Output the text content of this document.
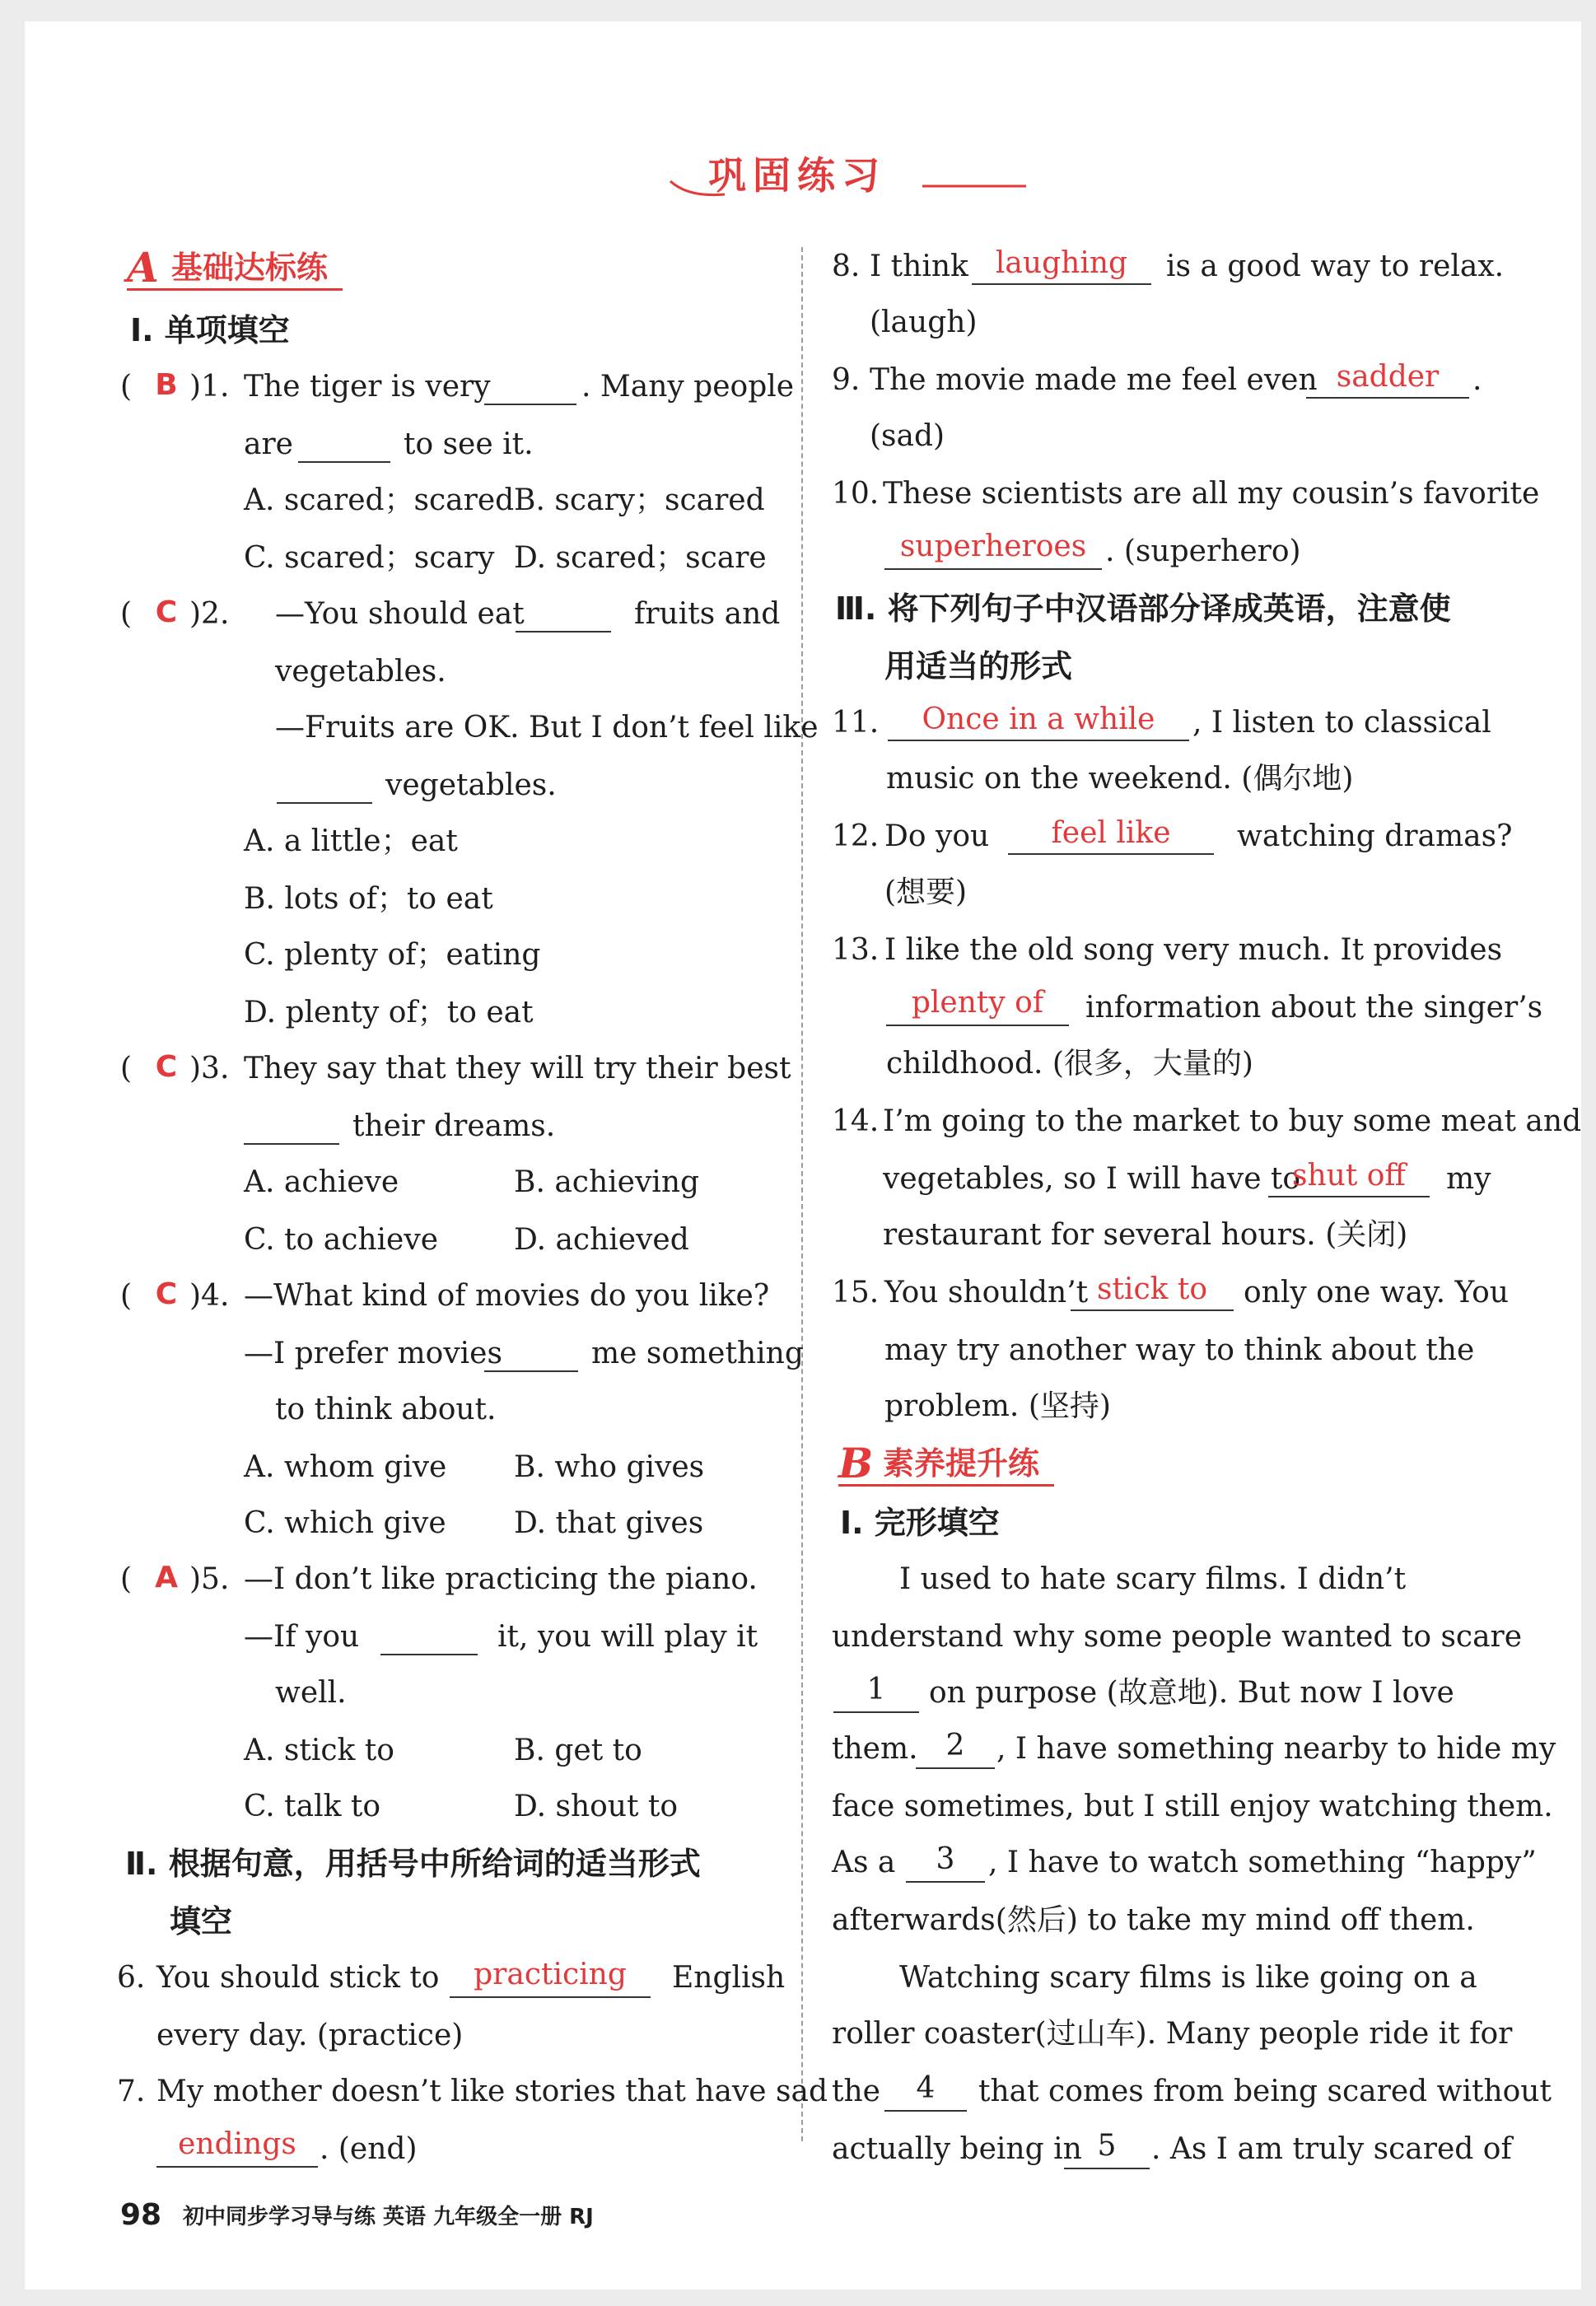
巩固练习
A 基础达标练
Ⅰ. 单项填空
( B )1. The tiger is very	. Many people
are	to see it.
A. scared；scared B. scary；scared
C. scared；scary D. scared；scare
( C )2. —You should eat	fruits and
vegetables.
—Fruits are OK. But I don’t feel like
vegetables.
A. a little；eat
B. lots of；to eat
C. plenty of；eating
D. plenty of；to eat
( C )3. They say that they will try their best
their dreams.
A. achieve	B. achieving
C. to achieve	D. achieved
( C )4. —What kind of movies do you like?
—I prefer movies	me something
to think about.
A. whom give B. who gives
C. which give D. that gives
( A )5. —I don’t like practicing the piano.
—If you	it, you will play it
well.
A. stick to	B. get to
C. talk to	D. shout to
Ⅱ. 根据句意，用括号中所给词的适当形式
填空
6. You should stick to	practicing	English
every day. (practice)
7. My mother doesn’t like stories that have sad
endings . (end)
8. I think laughing	is a good way to relax.
(laugh)
9. The movie made me feel even sadder	.
(sad)
10. These scientists are all my cousin’s favorite
superheroes . (superhero)
Ⅲ. 将下列句子中汉语部分译成英语，注意使
用适当的形式
11.	Once in a while	, I listen to classical
music on the weekend. (偶尔地)
12. Do you	feel like	watching dramas?
(想要)
13. I like the old song very much. It provides
plenty of	information about the singer’s
childhood. (很多，大量的)
14. I’m going to the market to buy some meat and
vegetables, so I will have to
shut off	my
restaurant for several hours. (关闭)
15. You shouldn’t stick to	only one way. You
may try another way to think about the
problem. (坚持)
B 素养提升练
Ⅰ. 完形填空
I used to hate scary films. I didn’t
understand why some people wanted to scare
1	on purpose (故意地). But now I love
them. 2	, I have something nearby to hide my
face sometimes, but I still enjoy watching them.
As a	3	, I have to watch something “happy”
afterwards(然后) to take my mind off them.
Watching scary films is like going on a
roller coaster(过山车). Many people ride it for
the	4	that comes from being scared without
actually being in 5	. As I am truly scared of
98 初中同步学习导与练 英语 九年级全一册 RJ
